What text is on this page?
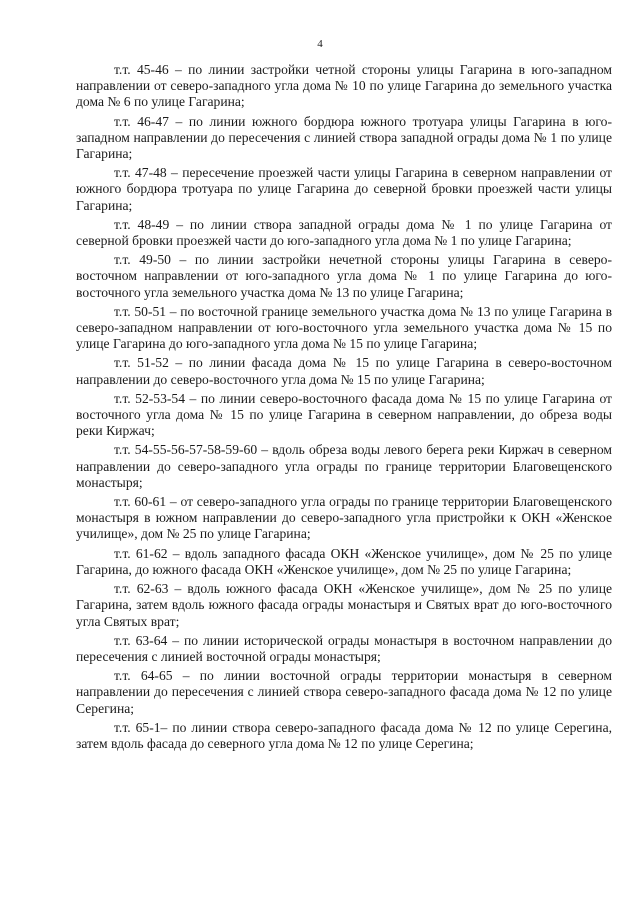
4

т.т. 45-46 – по линии застройки четной стороны улицы Гагарина в юго-западном направлении от северо-западного угла дома № 10 по улице Гагарина до земельного участка дома № 6 по улице Гагарина;

т.т. 46-47 – по линии южного бордюра южного тротуара улицы Гагарина в юго-западном направлении до пересечения с линией створа западной ограды дома № 1 по улице Гагарина;

т.т. 47-48 – пересечение проезжей части улицы Гагарина в северном направлении от южного бордюра тротуара по улице Гагарина до северной бровки проезжей части улицы Гагарина;

т.т. 48-49 – по линии створа западной ограды дома № 1 по улице Гагарина от северной бровки проезжей части до юго-западного угла дома № 1 по улице Гагарина;

т.т. 49-50 – по линии застройки нечетной стороны улицы Гагарина в северо-восточном направлении от юго-западного угла дома № 1 по улице Гагарина до юго-восточного угла земельного участка дома № 13 по улице Гагарина;

т.т. 50-51 – по восточной границе земельного участка дома № 13 по улице Гагарина в северо-западном направлении от юго-восточного угла земельного участка дома № 15 по улице Гагарина до юго-западного угла дома № 15 по улице Гагарина;

т.т. 51-52 – по линии фасада дома № 15 по улице Гагарина в северо-восточном направлении до северо-восточного угла дома № 15 по улице Гагарина;

т.т. 52-53-54 – по линии северо-восточного фасада дома № 15 по улице Гагарина от восточного угла дома № 15 по улице Гагарина в северном направлении, до обреза воды реки Киржач;

т.т. 54-55-56-57-58-59-60 – вдоль обреза воды левого берега реки Киржач в северном направлении до северо-западного угла ограды по границе территории Благовещенского монастыря;

т.т. 60-61 – от северо-западного угла ограды по границе территории Благовещенского монастыря в южном направлении до северо-западного угла пристройки к ОКН «Женское училище», дом № 25 по улице Гагарина;

т.т. 61-62 – вдоль западного фасада ОКН «Женское училище», дом № 25 по улице Гагарина, до южного фасада ОКН «Женское училище», дом № 25 по улице Гагарина;

т.т. 62-63 – вдоль южного фасада ОКН «Женское училище», дом № 25 по улице Гагарина, затем вдоль южного фасада ограды монастыря и Святых врат до юго-восточного угла Святых врат;

т.т. 63-64 – по линии исторической ограды монастыря в восточном направлении до пересечения с линией восточной ограды монастыря;

т.т. 64-65 – по линии восточной ограды территории монастыря в северном направлении до пересечения с линией створа северо-западного фасада дома № 12 по улице Серегина;

т.т. 65-1– по линии створа северо-западного фасада дома № 12 по улице Серегина, затем вдоль фасада до северного угла дома № 12 по улице Серегина;
